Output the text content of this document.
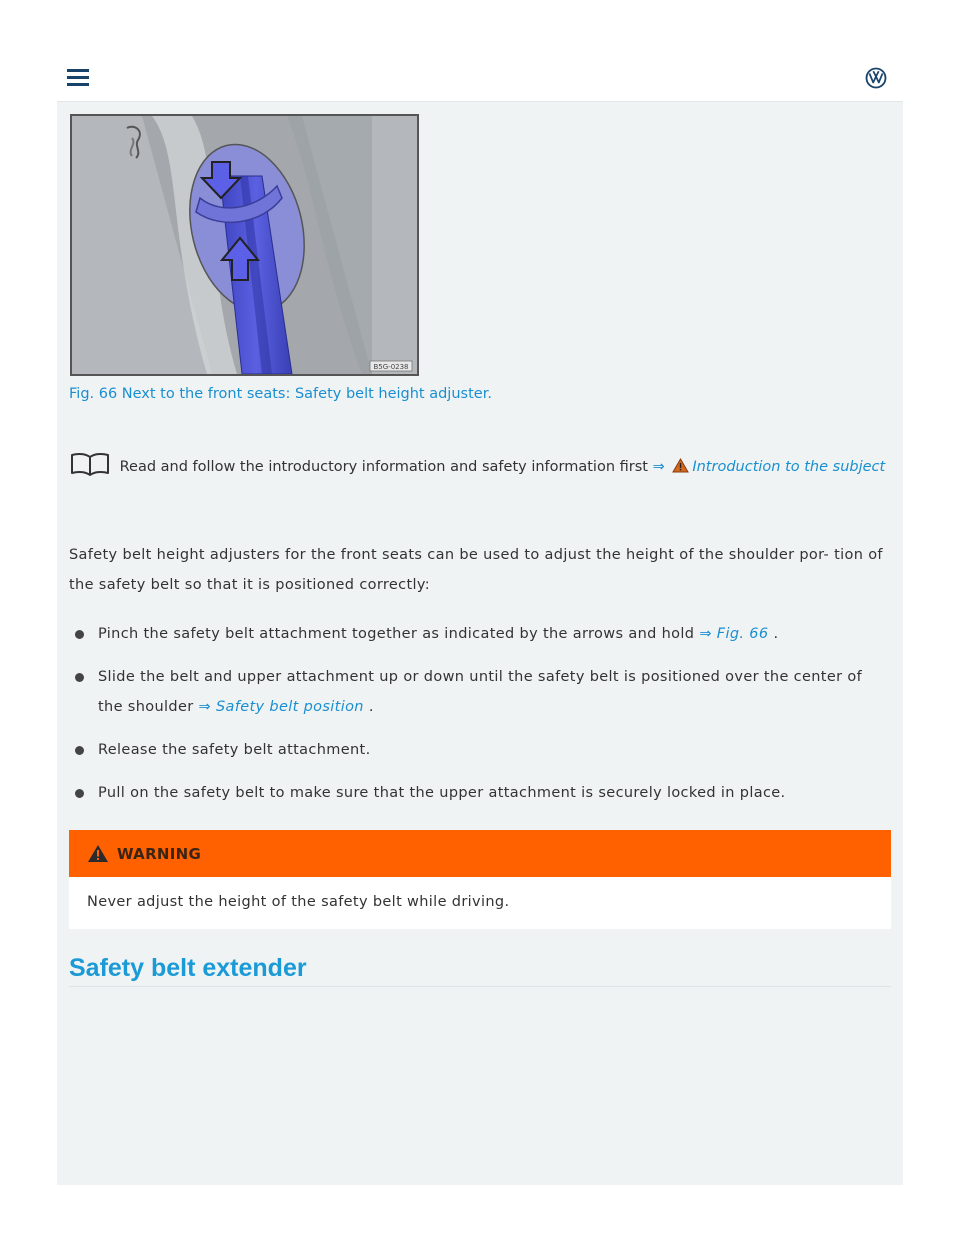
B5G-0238
Fig. 66 Next to the front seats: Safety belt height adjuster.
Read and follow the introductory information and safety information first ⇒ Introduction to the subject
Safety belt height adjusters for the front seats can be used to adjust the height of the shoulder por- tion of the safety belt so that it is positioned correctly:
Pinch the safety belt attachment together as indicated by the arrows and hold ⇒ Fig. 66 .
Slide the belt and upper attachment up or down until the safety belt is positioned over the center of the shoulder ⇒ Safety belt position .
Release the safety belt attachment.
Pull on the safety belt to make sure that the upper attachment is securely locked in place.
WARNING
Never adjust the height of the safety belt while driving.
Safety belt extender
